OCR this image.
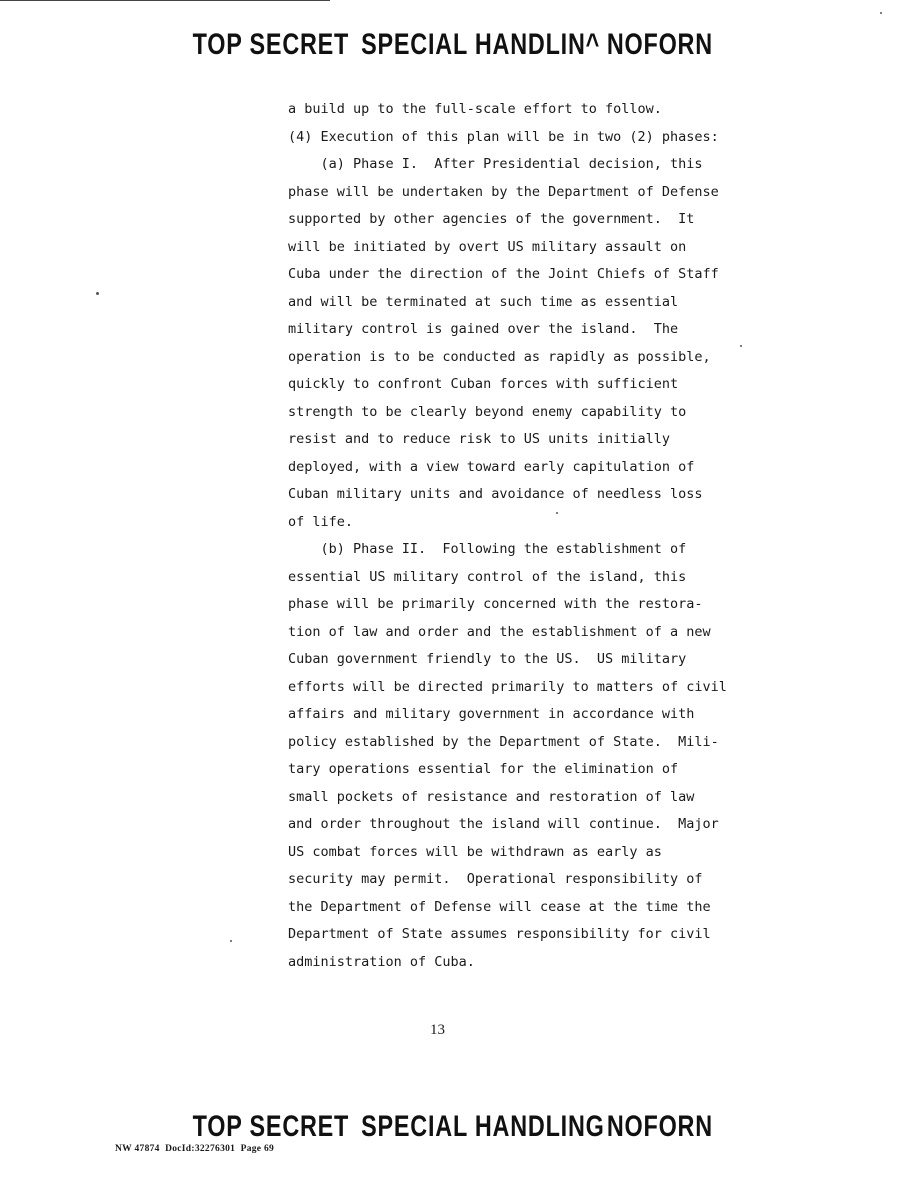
TOP SECRET SPECIAL HANDLIN^ NOFORN
a build up to the full-scale effort to follow.
(4) Execution of this plan will be in two (2) phases:
(a) Phase I.  After Presidential decision, this
phase will be undertaken by the Department of Defense
supported by other agencies of the government.  It
will be initiated by overt US military assault on
Cuba under the direction of the Joint Chiefs of Staff
and will be terminated at such time as essential
military control is gained over the island.  The
operation is to be conducted as rapidly as possible,
quickly to confront Cuban forces with sufficient
strength to be clearly beyond enemy capability to
resist and to reduce risk to US units initially
deployed, with a view toward early capitulation of
Cuban military units and avoidance of needless loss
of life.
(b) Phase II.  Following the establishment of
essential US military control of the island, this
phase will be primarily concerned with the restora-
tion of law and order and the establishment of a new
Cuban government friendly to the US.  US military
efforts will be directed primarily to matters of civil
affairs and military government in accordance with
policy established by the Department of State.  Mili-
tary operations essential for the elimination of
small pockets of resistance and restoration of law
and order throughout the island will continue.  Major
US combat forces will be withdrawn as early as
security may permit.  Operational responsibility of
the Department of Defense will cease at the time the
Department of State assumes responsibility for civil
administration of Cuba.
13
TOP SECRET SPECIAL HANDLING NOFORN
NW 47874  DocId:32276301  Page 69
